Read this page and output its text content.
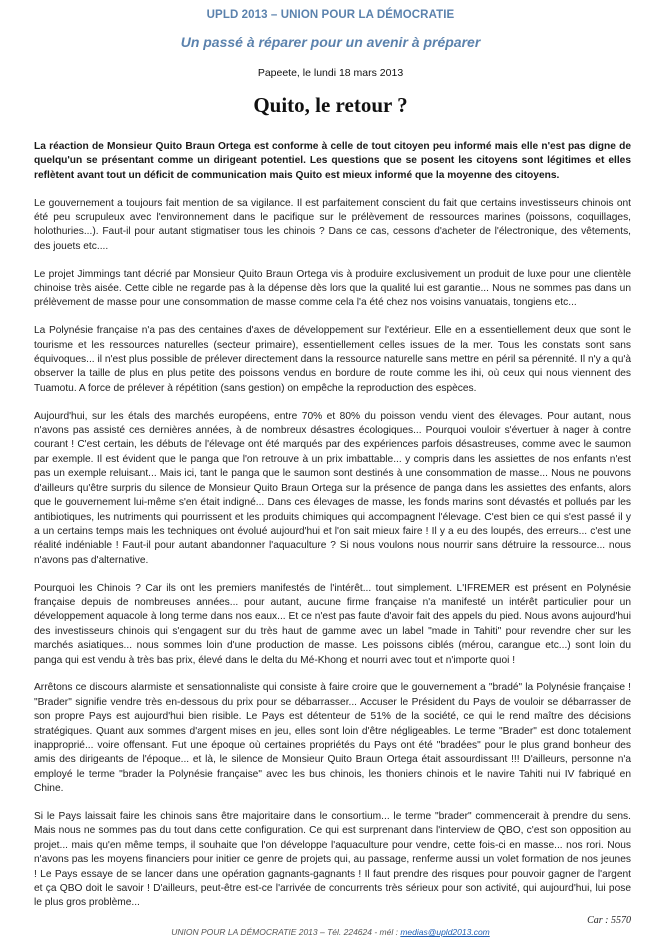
UPLD 2013 – UNION POUR LA DÉMOCRATIE
Un passé à réparer pour un avenir à préparer
Papeete, le lundi 18 mars 2013
Quito, le retour ?

La réaction de Monsieur Quito Braun Ortega est conforme à celle de tout citoyen peu informé mais elle n'est pas digne de quelqu'un se présentant comme un dirigeant potentiel. Les questions que se posent les citoyens sont légitimes et elles reflètent avant tout un déficit de communication mais Quito est mieux informé que la moyenne des citoyens.

Le gouvernement a toujours fait mention de sa vigilance. Il est parfaitement conscient du fait que certains investisseurs chinois ont été peu scrupuleux avec l'environnement dans le pacifique sur le prélèvement de ressources marines (poissons, coquillages, holothuries...). Faut-il pour autant stigmatiser tous les chinois ? Dans ce cas, cessons d'acheter de l'électronique, des vêtements, des jouets etc....

Le projet Jimmings tant décrié par Monsieur Quito Braun Ortega vis à produire exclusivement un produit de luxe pour une clientèle chinoise très aisée. Cette cible ne regarde pas à la dépense dès lors que la qualité lui est garantie... Nous ne sommes pas dans un prélèvement de masse pour une consommation de masse comme cela l'a été chez nos voisins vanuatais, tongiens etc...

La Polynésie française n'a pas des centaines d'axes de développement sur l'extérieur. Elle en a essentiellement deux que sont le tourisme et les ressources naturelles (secteur primaire), essentiellement celles issues de la mer. Tous les constats sont sans équivoques... il n'est plus possible de prélever directement dans la ressource naturelle sans mettre en péril sa pérennité. Il n'y a qu'à observer la taille de plus en plus petite des poissons vendus en bordure de route comme les ihi, où ceux qui nous viennent des Tuamotu. A force de prélever à répétition (sans gestion) on empêche la reproduction des espèces.

Aujourd'hui, sur les étals des marchés européens, entre 70% et 80% du poisson vendu vient des élevages. Pour autant, nous n'avons pas assisté ces dernières années, à de nombreux désastres écologiques... Pourquoi vouloir s'évertuer à nager à contre courant ! C'est certain, les débuts de l'élevage ont été marqués par des expériences parfois désastreuses, comme avec le saumon par exemple. Il est évident que le panga que l'on retrouve à un prix imbattable... y compris dans les assiettes de nos enfants n'est pas un exemple reluisant... Mais ici, tant le panga que le saumon sont destinés à une consommation de masse... Nous ne pouvons d'ailleurs qu'être surpris du silence de Monsieur Quito Braun Ortega sur la présence de panga dans les assiettes des enfants, alors que le gouvernement lui-même s'en était indigné... Dans ces élevages de masse, les fonds marins sont dévastés et pollués par les antibiotiques, les nutriments qui pourrissent et les produits chimiques qui accompagnent l'élevage. C'est bien ce qui s'est passé il y a un certains temps mais les techniques ont évolué aujourd'hui et l'on sait mieux faire ! Il y a eu des loupés, des erreurs... c'est une réalité indéniable ! Faut-il pour autant abandonner l'aquaculture ? Si nous voulons nous nourrir sans détruire la ressource... nous n'avons pas d'alternative.

Pourquoi les Chinois ? Car ils ont les premiers manifestés de l'intérêt... tout simplement. L'IFREMER est présent en Polynésie française depuis de nombreuses années... pour autant, aucune firme française n'a manifesté un intérêt particulier pour un développement aquacole à long terme dans nos eaux... Et ce n'est pas faute d'avoir fait des appels du pied. Nous avons aujourd'hui des investisseurs chinois qui s'engagent sur du très haut de gamme avec un label "made in Tahiti" pour revendre cher sur les marchés asiatiques... nous sommes loin d'une production de masse. Les poissons ciblés (mérou, carangue etc...) sont loin du panga qui est vendu à très bas prix, élevé dans le delta du Mé-Khong et nourri avec tout et n'importe quoi !

Arrêtons ce discours alarmiste et sensationnaliste qui consiste à faire croire que le gouvernement a "bradé" la Polynésie française ! "Brader" signifie vendre très en-dessous du prix pour se débarrasser... Accuser le Président du Pays de vouloir se débarrasser de son propre Pays est aujourd'hui bien risible. Le Pays est détenteur de 51% de la société, ce qui le rend maître des décisions stratégiques. Quant aux sommes d'argent mises en jeu, elles sont loin d'être négligeables. Le terme "Brader" est donc totalement inapproprié... voire offensant. Fut une époque où certaines propriétés du Pays ont été "bradées" pour le plus grand bonheur des amis des dirigeants de l'époque... et là, le silence de Monsieur Quito Braun Ortega était assourdissant !!! D'ailleurs, personne n'a employé le terme "brader la Polynésie française" avec les bus chinois, les thoniers chinois et le navire Tahiti nui IV fabriqué en Chine.

Si le Pays laissait faire les chinois sans être majoritaire dans le consortium... le terme "brader" commencerait à prendre du sens. Mais nous ne sommes pas du tout dans cette configuration. Ce qui est surprenant dans l'interview de QBO, c'est son opposition au projet... mais qu'en même temps, il souhaite que l'on développe l'aquaculture pour vendre, cette fois-ci en masse... nos rori. Nous n'avons pas les moyens financiers pour initier ce genre de projets qui, au passage, renferme aussi un volet formation de nos jeunes ! Le Pays essaye de se lancer dans une opération gagnants-gagnants ! Il faut prendre des risques pour pouvoir gagner de l'argent et ça QBO doit le savoir ! D'ailleurs, peut-être est-ce l'arrivée de concurrents très sérieux pour son activité, qui aujourd'hui, lui pose le plus gros problème...

Car : 5570
UNION POUR LA DÉMOCRATIE 2013 – Tél. 224624 - mél : medias@upld2013.com
